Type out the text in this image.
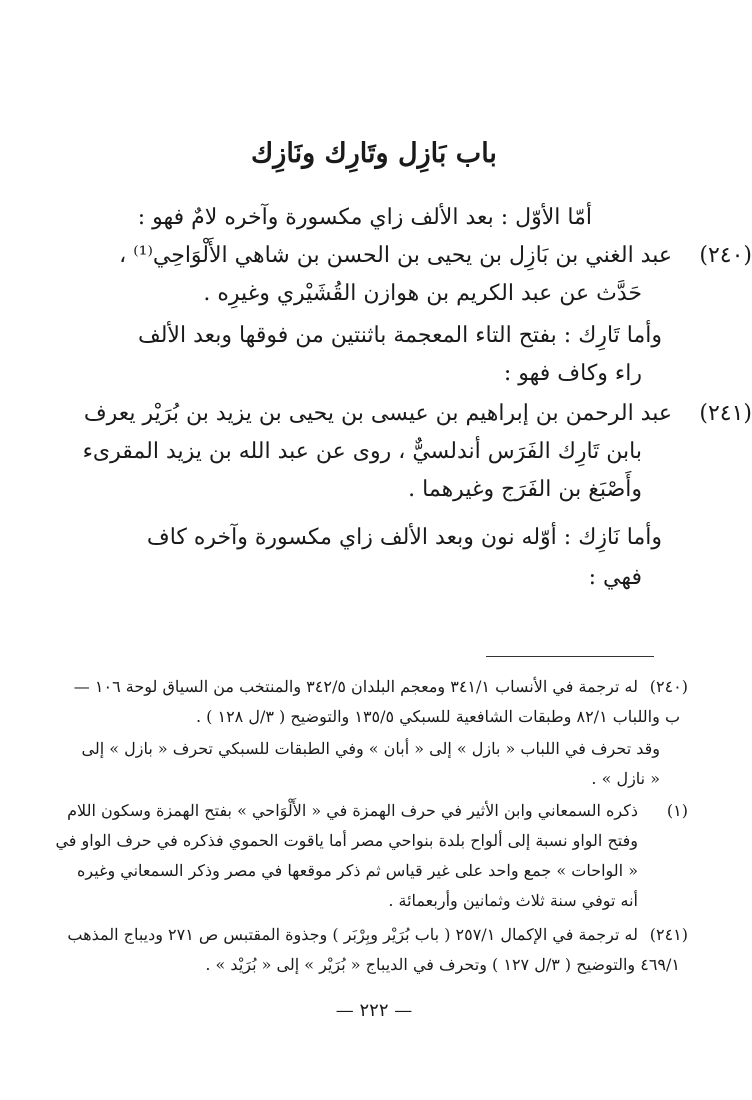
باب بَازِل وتَارِك ونَازِك
أمّا الأوّل : بعد الألف زاي مكسورة وآخره لامٌ فهو :
عبد الغني بن بَازِل بن يحيى بن الحسن بن شاهي الأَلْوَاحِي⁽¹⁾ ، (٢٤٠)
حَدَّث عن عبد الكريم بن هوازن القُشَيْري وغيرِه .
وأما تَارِك : بفتح التاء المعجمة باثنتين من فوقها وبعد الألف
راء وكاف فهو :
عبد الرحمن بن إبراهيم بن عيسى بن يحيى بن يزيد بن بُرَيْر يعرف (٢٤١)
بابن تَارِك الفَرَس أندلسيٌّ ، روى عن عبد الله بن يزيد المقرىء
وأَصْبَغ بن الفَرَج وغيرهما .
وأما نَازِك : أوّله نون وبعد الألف زاي مكسورة وآخره كاف
فهي :
(٢٤٠)
له ترجمة في الأنساب ٣٤١/١ ومعجم البلدان ٣٤٢/٥ والمنتخب من السياق لوحة ١٠٦ —
ب واللباب ٨٢/١ وطبقات الشافعية للسبكي ١٣٥/٥ والتوضيح ( ٣/ل ١٢٨ ) .
وقد تحرف في اللباب « بازل » إلى « أبان » وفي الطبقات للسبكي تحرف « بازل » إلى
« نازل » .
(١)
ذكره السمعاني وابن الأثير في حرف الهمزة في « الأَلْوَاحي » بفتح الهمزة وسكون اللام
وفتح الواو نسبة إلى ألواح بلدة بنواحي مصر أما ياقوت الحموي فذكره في حرف الواو في
« الواحات » جمع واحد على غير قياس ثم ذكر موقعها في مصر وذكر السمعاني وغيره
أنه توفي سنة ثلاث وثمانين وأربعمائة .
(٢٤١)
له ترجمة في الإكمال ٢٥٧/١ ( باب بُرَيْر وبِرْبَر ) وجذوة المقتبس ص ٢٧١ وديباج المذهب
٤٦٩/١ والتوضيح ( ٣/ل ١٢٧ ) وتحرف في الديباج « بُرَيْر » إلى « بُرَيْد » .
— ٢٢٢ —
